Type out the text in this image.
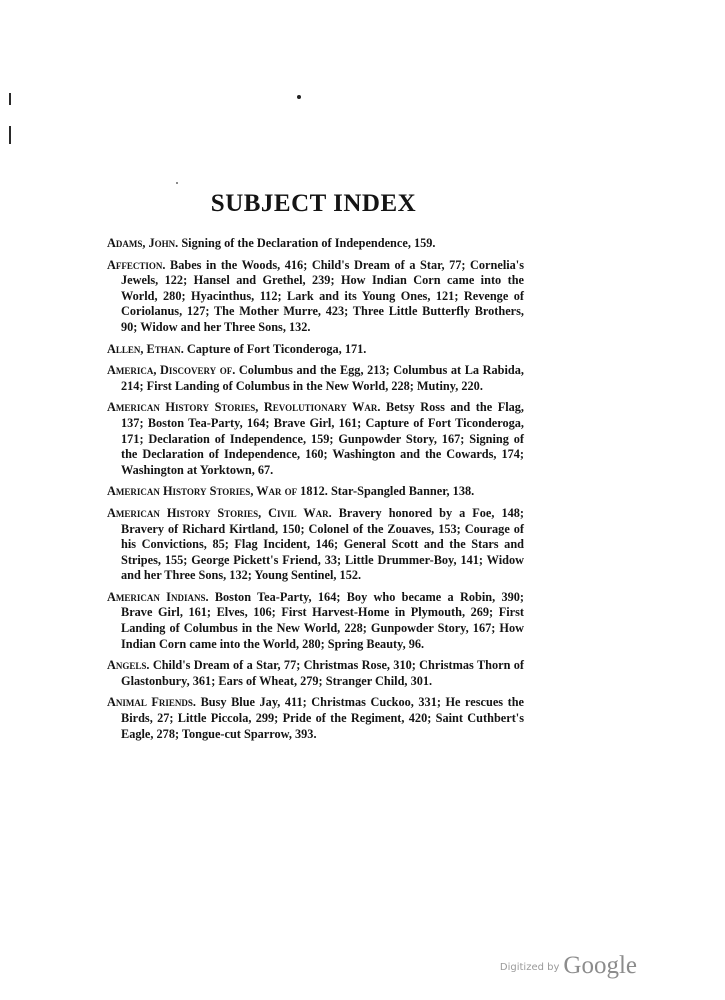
SUBJECT INDEX
Adams, John. Signing of the Declaration of Independence, 159.
Affection. Babes in the Woods, 416; Child's Dream of a Star, 77; Cornelia's Jewels, 122; Hansel and Grethel, 239; How Indian Corn came into the World, 280; Hyacinthus, 112; Lark and its Young Ones, 121; Revenge of Coriolanus, 127; The Mother Murre, 423; Three Little Butterfly Brothers, 90; Widow and her Three Sons, 132.
Allen, Ethan. Capture of Fort Ticonderoga, 171.
America, Discovery of. Columbus and the Egg, 213; Columbus at La Rabida, 214; First Landing of Columbus in the New World, 228; Mutiny, 220.
American History Stories, Revolutionary War. Betsy Ross and the Flag, 137; Boston Tea-Party, 164; Brave Girl, 161; Capture of Fort Ticonderoga, 171; Declaration of Independence, 159; Gunpowder Story, 167; Signing of the Declaration of Independence, 160; Washington and the Cowards, 174; Washington at Yorktown, 67.
American History Stories, War of 1812. Star-Spangled Banner, 138.
American History Stories, Civil War. Bravery honored by a Foe, 148; Bravery of Richard Kirtland, 150; Colonel of the Zouaves, 153; Courage of his Convictions, 85; Flag Incident, 146; General Scott and the Stars and Stripes, 155; George Pickett's Friend, 33; Little Drummer-Boy, 141; Widow and her Three Sons, 132; Young Sentinel, 152.
American Indians. Boston Tea-Party, 164; Boy who became a Robin, 390; Brave Girl, 161; Elves, 106; First Harvest-Home in Plymouth, 269; First Landing of Columbus in the New World, 228; Gunpowder Story, 167; How Indian Corn came into the World, 280; Spring Beauty, 96.
Angels. Child's Dream of a Star, 77; Christmas Rose, 310; Christmas Thorn of Glastonbury, 361; Ears of Wheat, 279; Stranger Child, 301.
Animal Friends. Busy Blue Jay, 411; Christmas Cuckoo, 331; He rescues the Birds, 27; Little Piccola, 299; Pride of the Regiment, 420; Saint Cuthbert's Eagle, 278; Tongue-cut Sparrow, 393.
Digitized by Google
